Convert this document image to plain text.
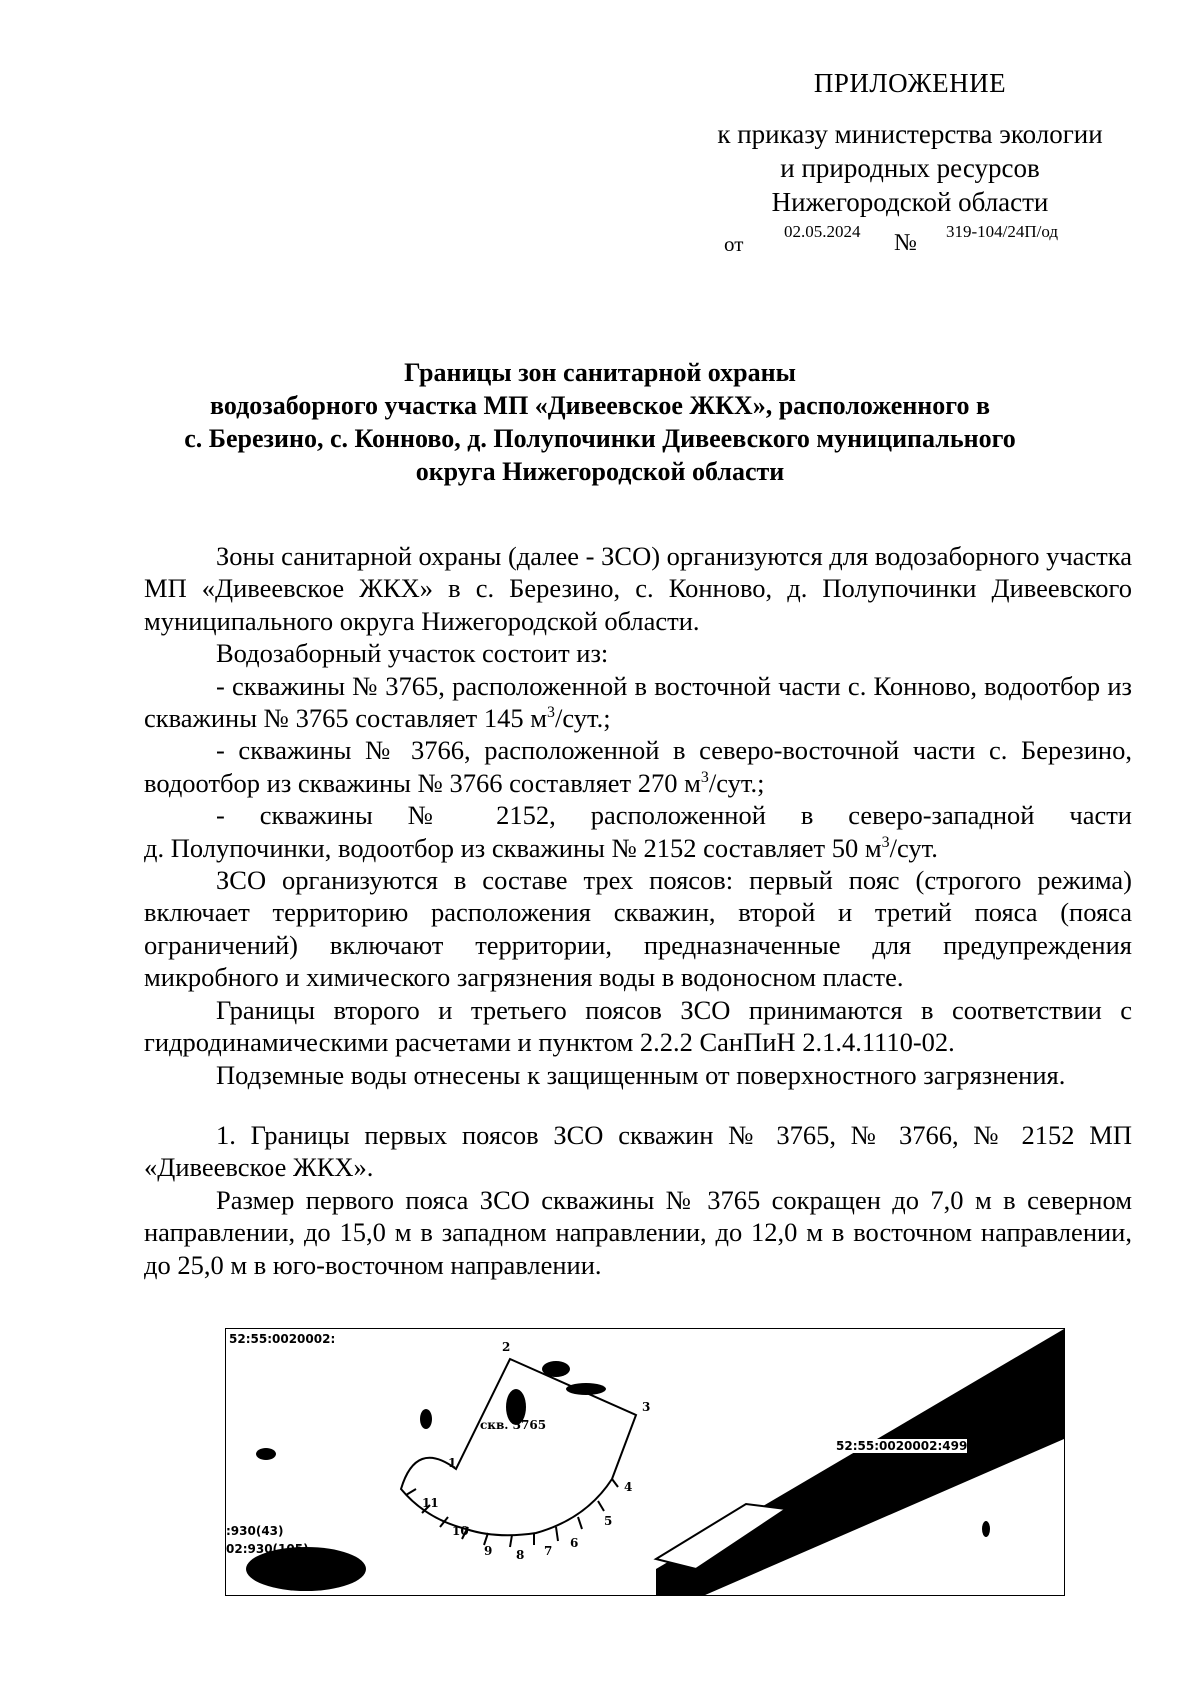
ПРИЛОЖЕНИЕ
к приказу министерства экологии
и природных ресурсов
Нижегородской области
от
02.05.2024 № 319-104/24П/од
Границы зон санитарной охраны
водозаборного участка МП «Дивеевское ЖКХ», расположенного в
с. Березино, с. Конново, д. Полупочинки Дивеевского муниципального
округа Нижегородской области

Зоны санитарной охраны (далее - ЗСО) организуются для водозаборного участка МП «Дивеевское ЖКХ» в с. Березино, с. Конново, д. Полупочинки Дивеевского муниципального округа Нижегородской области.

Водозаборный участок состоит из:

- скважины № 3765, расположенной в восточной части с. Конново, водоотбор из скважины № 3765 составляет 145 $м^3$/сут.;

- скважины № 3766, расположенной в северо-восточной части с. Березино, водоотбор из скважины № 3766 составляет 270 $м^3$/сут.;

- скважины № 2152, расположенной в северо-западной части

д. Полупочинки, водоотбор из скважины № 2152 составляет 50 $м^3$/сут.

ЗСО организуются в составе трех поясов: первый пояс (строгого режима) включает территорию расположения скважин, второй и третий пояса (пояса ограничений) включают территории, предназначенные для предупреждения микробного и химического загрязнения воды в водоносном пласте.

Границы второго и третьего поясов ЗСО принимаются в соответствии с гидродинамическими расчетами и пунктом 2.2.2 СанПиН 2.1.4.1110-02.

Подземные воды отнесены к защищенным от поверхностного загрязнения.

1. Границы первых поясов ЗСО скважин № 3765, № 3766, № 2152 МП «Дивеевское ЖКХ».

Размер первого пояса ЗСО скважины № 3765 сокращен до 7,0 м в северном направлении, до 15,0 м в западном направлении, до 12,0 м в восточном направлении, до 25,0 м в юго-восточном направлении.

2
3
4
5
6
7
8
9
10
11
1
скв. 3765
52:55:0020002:
52:55:0020002:499
:930(43)
02:930(105)
